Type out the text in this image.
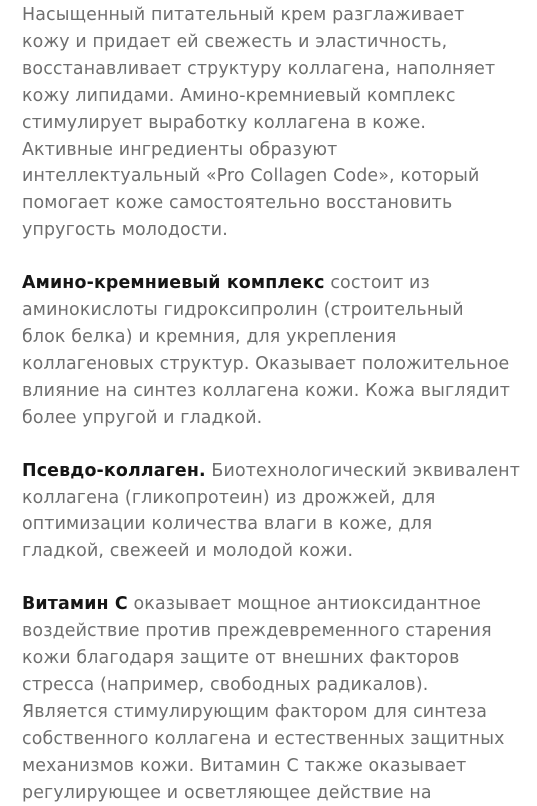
Насыщенный питательный крем разглаживает
кожу и придает ей свежесть и эластичность,
восстанавливает структуру коллагена, наполняет
кожу липидами. Амино-кремниевый комплекс
стимулирует выработку коллагена в коже.
Активные ингредиенты образуют
интеллектуальный «Pro Collagen Code», который
помогает коже самостоятельно восстановить
упругость молодости.

Амино-кремниевый комплекс состоит из
аминокислоты гидроксипролин (строительный
блок белка) и кремния, для укрепления
коллагеновых структур. Оказывает положительное
влияние на синтез коллагена кожи. Кожа выглядит
более упругой и гладкой.

Псевдо-коллаген. Биотехнологический эквивалент
коллагена (гликопротеин) из дрожжей, для
оптимизации количества влаги в коже, для
гладкой, свежеей и молодой кожи.

Витамин С оказывает мощное антиоксидантное
воздействие против преждевременного старения
кожи благодаря защите от внешних факторов
стресса (например, свободных радикалов).
Является стимулирующим фактором для синтеза
собственного коллагена и естественных защитных
механизмов кожи. Витамин С также оказывает
регулирующее и осветляющее действие на
